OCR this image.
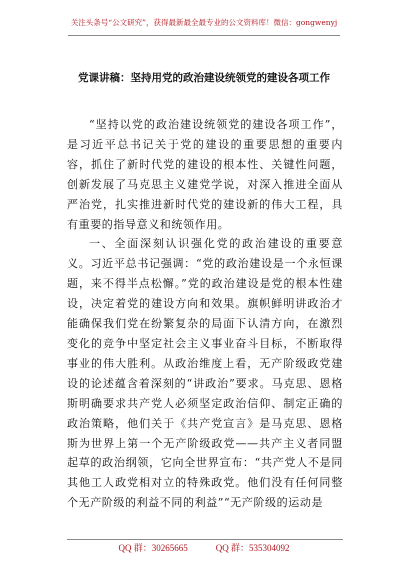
关注头条号“公文研究”，获得最新最全最专业的公文资料库！微信：gongwenyj
党课讲稿：坚持用党的政治建设统领党的建设各项工作

“坚持以党的政治建设统领党的建设各项工作”，是习近平总书记关于党的建设的重要思想的重要内容，抓住了新时代党的建设的根本性、关键性问题，创新发展了马克思主义建党学说，对深入推进全面从严治党，扎实推进新时代党的建设新的伟大工程，具有重要的指导意义和统领作用。

一、全面深刻认识强化党的政治建设的重要意义。习近平总书记强调：“党的政治建设是一个永恒课题，来不得半点松懈。”党的政治建设是党的根本性建设，决定着党的建设方向和效果。旗帜鲜明讲政治才能确保我们党在纷繁复杂的局面下认清方向，在激烈变化的竞争中坚定社会主义事业奋斗目标，不断取得事业的伟大胜利。从政治维度上看，无产阶级政党建设的论述蕴含着深刻的“讲政治”要求。马克思、恩格斯明确要求共产党人必须坚定政治信仰、制定正确的政治策略，他们关于《共产党宣言》是马克思、恩格斯为世界上第一个无产阶级政党——共产主义者同盟起草的政治纲领，它向全世界宣布：“共产党人不是同其他工人政党相对立的特殊政党。他们没有任何同整个无产阶级的利益不同的利益”“无产阶级的运动是

QQ 群：30265665	QQ 群：535304092
